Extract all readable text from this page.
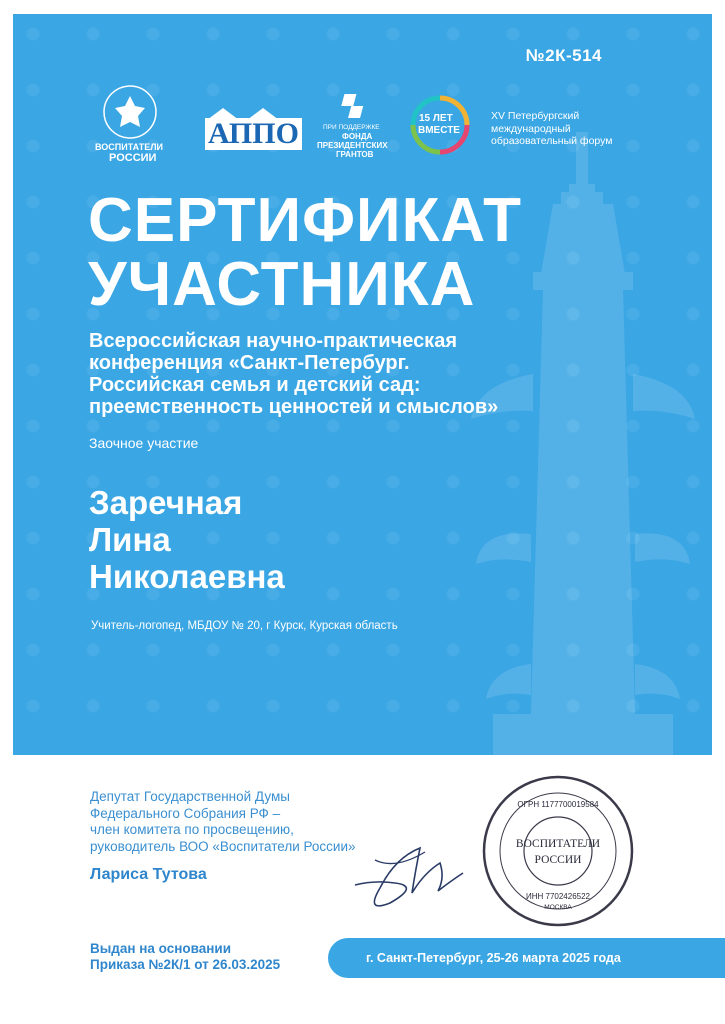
№2К-514
ВОСПИТАТЕЛИ
РОССИИ
АППО	ПРИ ПОДДЕРЖКЕ
ФОНДА
ПРЕЗИДЕНТСКИХ
ГРАНТОВ
15 ЛЕТ
ВМЕСТЕ
XV Петербургский
международный
образовательный форум
СЕРТИФИКАТ
УЧАСТНИКА
Всероссийская научно-практическая
конференция «Санкт-Петербург.
Российская семья и детский сад:
преемственность ценностей и смыслов»
Заочное участие
Заречная
Лина
Николаевна
Учитель-логопед, МБДОУ № 20, г Курск, Курская область
Депутат Государственной Думы
Федерального Собрания РФ –
член комитета по просвещению,
руководитель ВОО «Воспитатели России»
Лариса Тутова
ВОСПИТАТЕЛИ
РОССИИ
ОГРН 1177700019584
ИНН 7702426522
МОСКВА
Выдан на основании
Приказа №2К/1 от 26.03.2025	г. Санкт-Петербург, 25-26 марта 2025 года
